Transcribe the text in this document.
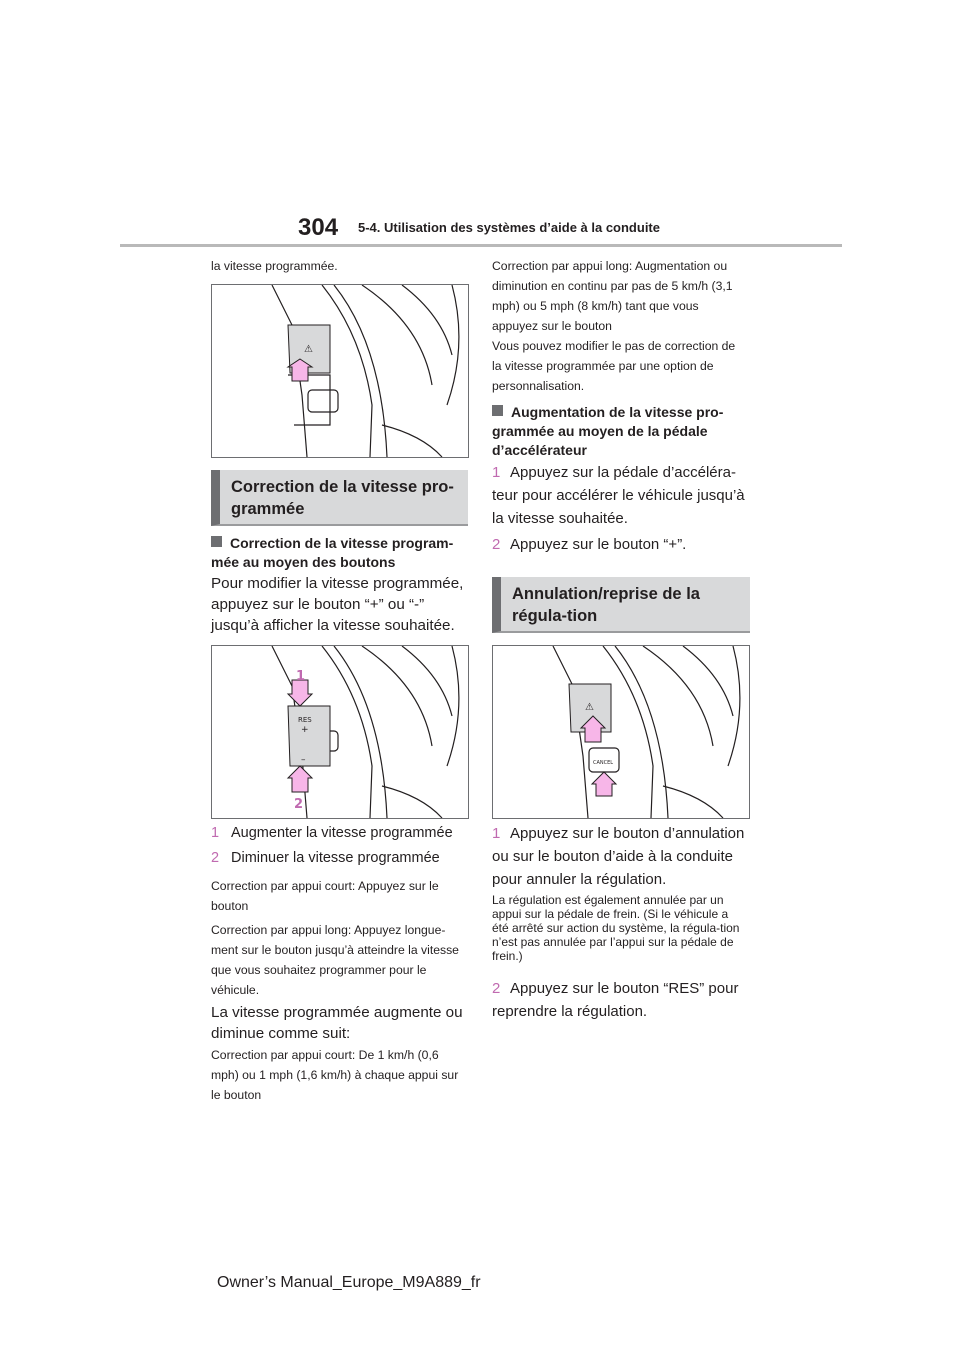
304 5-4. Utilisation des systèmes d’aide à la conduite
la vitesse programmée.
⚠
Correction de la vitesse pro-grammée
Correction de la vitesse program-mée au moyen des boutons
Pour modifier la vitesse programmée, appuyez sur le bouton “+” ou “-” jusqu’à afficher la vitesse souhaitée.
RES
+
–
1
2
1 Augmenter la vitesse programmée
2 Diminuer la vitesse programmée
Correction par appui court: Appuyez sur le bouton
Correction par appui long: Appuyez longue-ment sur le bouton jusqu’à atteindre la vitesse que vous souhaitez programmer pour le véhicule.
La vitesse programmée augmente ou diminue comme suit:
Correction par appui court: De 1 km/h (0,6 mph) ou 1 mph (1,6 km/h) à chaque appui sur le bouton
Correction par appui long: Augmentation ou diminution en continu par pas de 5 km/h (3,1 mph) ou 5 mph (8 km/h) tant que vous appuyez sur le bouton
Vous pouvez modifier le pas de correction de la vitesse programmée par une option de personnalisation.
Augmentation de la vitesse pro-grammée au moyen de la pédale d’accélérateur
1 Appuyez sur la pédale d’accéléra-teur pour accélérer le véhicule jusqu’à la vitesse souhaitée.
2 Appuyez sur le bouton “+”.
Annulation/reprise de la régula-tion
⚠
CANCEL
1 Appuyez sur le bouton d’annulation ou sur le bouton d’aide à la conduite pour annuler la régulation.
La régulation est également annulée par un appui sur la pédale de frein. (Si le véhicule a été arrêté sur action du système, la régula-tion n’est pas annulée par l’appui sur la pédale de frein.)
2 Appuyez sur le bouton “RES” pour reprendre la régulation.
Owner’s Manual_Europe_M9A889_fr
